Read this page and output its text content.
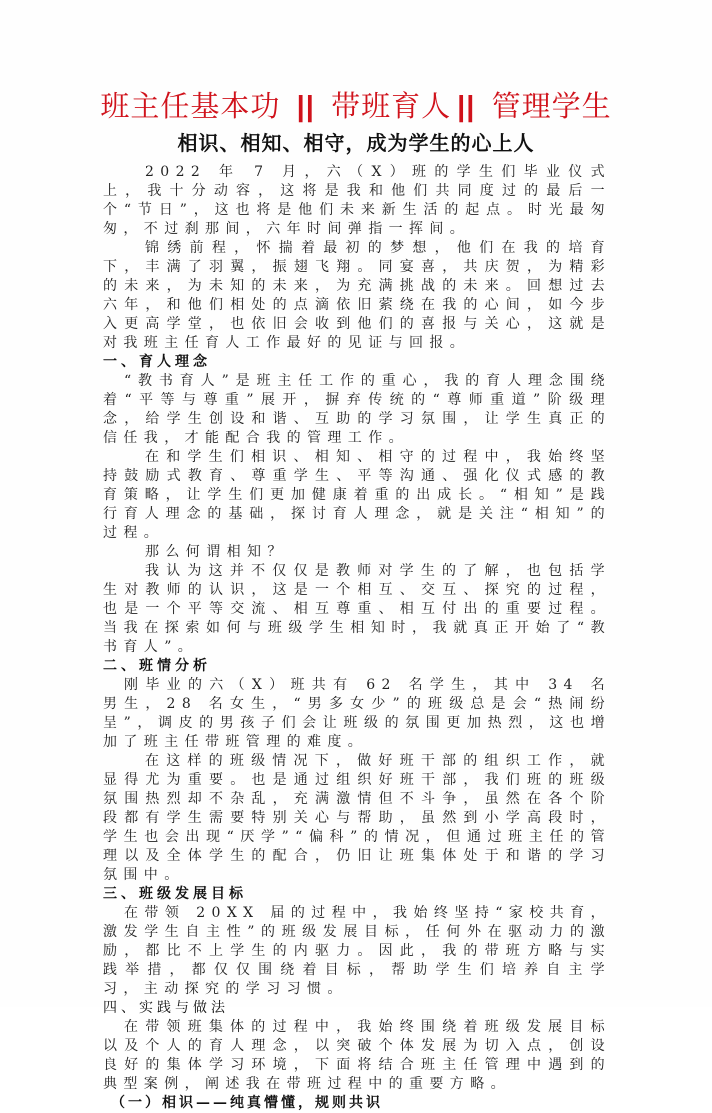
班主任基本功 || 带班育人 || 管理学生
相识、相知、相守，成为学生的心上人

2022 年 7 月，六（X）班的学生们毕业仪式上，我十分动容，这将是我和他们共同度过的最后一个“节日”，这也将是他们未来新生活的起点。时光最匆匆，不过刹那间，六年时间弹指一挥间。

锦绣前程，怀揣着最初的梦想，他们在我的培育下，丰满了羽翼，振翅飞翔。同宴喜，共庆贺，为精彩的未来，为未知的未来，为充满挑战的未来。回想过去六年，和他们相处的点滴依旧萦绕在我的心间，如今步入更高学堂，也依旧会收到他们的喜报与关心，这就是对我班主任育人工作最好的见证与回报。

一、育人理念

“教书育人”是班主任工作的重心，我的育人理念围绕着“平等与尊重”展开，摒弃传统的“尊师重道”阶级理念，给学生创设和谐、互助的学习氛围，让学生真正的信任我，才能配合我的管理工作。

在和学生们相识、相知、相守的过程中，我始终坚持鼓励式教育、尊重学生、平等沟通、强化仪式感的教育策略，让学生们更加健康着重的出成长。“相知”是践行育人理念的基础，探讨育人理念，就是关注“相知”的过程。

那么何谓相知？

我认为这并不仅仅是教师对学生的了解，也包括学生对教师的认识，这是一个相互、交互、探究的过程，也是一个平等交流、相互尊重、相互付出的重要过程。当我在探索如何与班级学生相知时，我就真正开始了“教书育人”。

二、班情分析

刚毕业的六（X）班共有 62 名学生，其中 34 名男生，28 名女生，“男多女少”的班级总是会“热闹纷呈”，调皮的男孩子们会让班级的氛围更加热烈，这也增加了班主任带班管理的难度。

在这样的班级情况下，做好班干部的组织工作，就显得尤为重要。也是通过组织好班干部，我们班的班级氛围热烈却不杂乱，充满激情但不斗争，虽然在各个阶段都有学生需要特别关心与帮助，虽然到小学高段时，学生也会出现“厌学”“偏科”的情况，但通过班主任的管理以及全体学生的配合，仍旧让班集体处于和谐的学习氛围中。

三、班级发展目标

在带领 20XX 届的过程中，我始终坚持“家校共育，激发学生自主性”的班级发展目标，任何外在驱动力的激励，都比不上学生的内驱力。因此，我的带班方略与实践举措，都仅仅围绕着目标，帮助学生们培养自主学习，主动探究的学习习惯。

四、实践与做法

在带领班集体的过程中，我始终围绕着班级发展目标以及个人的育人理念，以突破个体发展为切入点，创设良好的集体学习环境，下面将结合班主任管理中遇到的典型案例，阐述我在带班过程中的重要方略。

（一）相识——纯真懵懂，规则共识
